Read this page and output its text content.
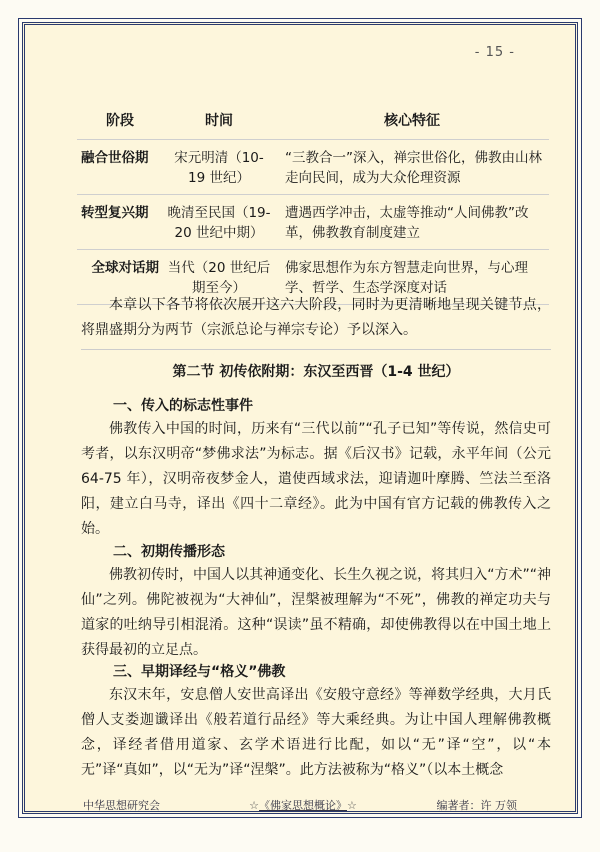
- 15 -
阶段	时间	核心特征
融合世俗期	宋元明清（10-19 世纪）	“三教合一”深入，禅宗世俗化，佛教由山林走向民间，成为大众伦理资源
转型复兴期	晚清至民国（19-20 世纪中期）	遭遇西学冲击，太虚等推动“人间佛教”改革，佛教教育制度建立
全球对话期	当代（20 世纪后期至今）	佛家思想作为东方智慧走向世界，与心理学、哲学、生态学深度对话

本章以下各节将依次展开这六大阶段，同时为更清晰地呈现关键节点，将鼎盛期分为两节（宗派总论与禅宗专论）予以深入。

第二节 初传依附期：东汉至西晋（1-4 世纪）
一、传入的标志性事件

佛教传入中国的时间，历来有“三代以前”“孔子已知”等传说，然信史可考者，以东汉明帝“梦佛求法”为标志。据《后汉书》记载，永平年间（公元 64-75 年），汉明帝夜梦金人，遣使西域求法，迎请迦叶摩腾、竺法兰至洛阳，建立白马寺，译出《四十二章经》。此为中国有官方记载的佛教传入之始。

二、初期传播形态

佛教初传时，中国人以其神通变化、长生久视之说，将其归入“方术”“神仙”之列。佛陀被视为“大神仙”，涅槃被理解为“不死”，佛教的禅定功夫与道家的吐纳导引相混淆。这种“误读”虽不精确，却使佛教得以在中国土地上获得最初的立足点。

三、早期译经与“格义”佛教

东汉末年，安息僧人安世高译出《安般守意经》等禅数学经典，大月氏僧人支娄迦谶译出《般若道行品经》等大乘经典。为让中国人理解佛教概念，译经者借用道家、玄学术语进行比配，如以“无”译“空”，以“本无”译“真如”，以“无为”译“涅槃”。此方法被称为“格义”（以本土概念

中华思想研究会	☆《佛家思想概论》☆	编著者：许 万领
